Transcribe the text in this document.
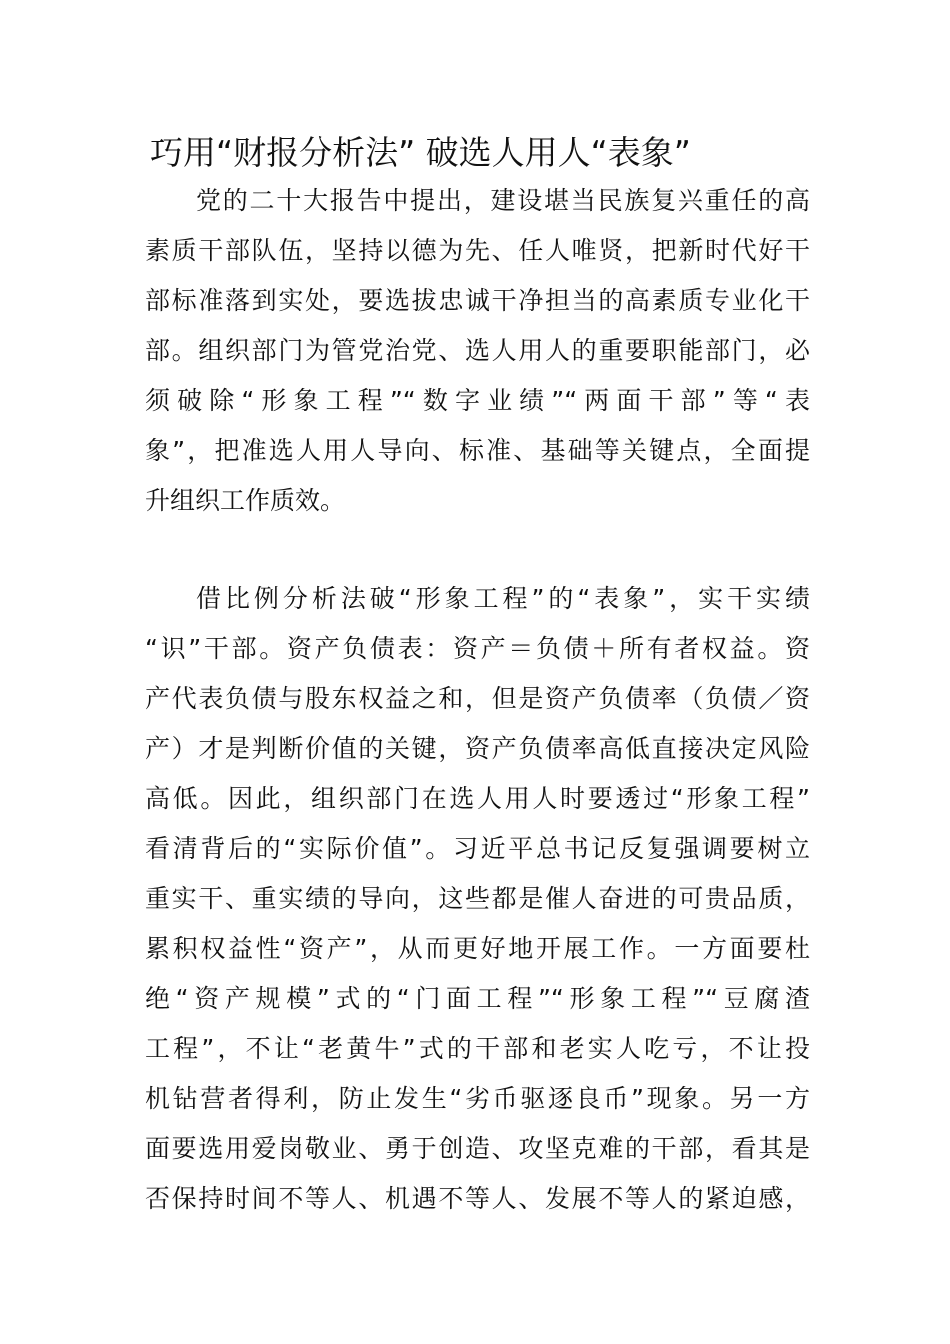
巧用“财报分析法” 破选人用人“表象”
党的二十大报告中提出，建设堪当民族复兴重任的高
素质干部队伍，坚持以德为先、任人唯贤，把新时代好干
部标准落到实处，要选拔忠诚干净担当的高素质专业化干
部。组织部门为管党治党、选人用人的重要职能部门，必
须破除“形象工程”“数字业绩”“两面干部”等“表
象”，把准选人用人导向、标准、基础等关键点，全面提
升组织工作质效。
借比例分析法破“形象工程”的“表象”，实干实绩
“识”干部。资产负债表：资产＝负债＋所有者权益。资
产代表负债与股东权益之和，但是资产负债率（负债／资
产）才是判断价值的关键，资产负债率高低直接决定风险
高低。因此，组织部门在选人用人时要透过“形象工程”
看清背后的“实际价值”。习近平总书记反复强调要树立
重实干、重实绩的导向，这些都是催人奋进的可贵品质，
累积权益性“资产”，从而更好地开展工作。一方面要杜
绝“资产规模”式的“门面工程”“形象工程”“豆腐渣
工程”，不让“老黄牛”式的干部和老实人吃亏，不让投
机钻营者得利，防止发生“劣币驱逐良币”现象。另一方
面要选用爱岗敬业、勇于创造、攻坚克难的干部，看其是
否保持时间不等人、机遇不等人、发展不等人的紧迫感，
